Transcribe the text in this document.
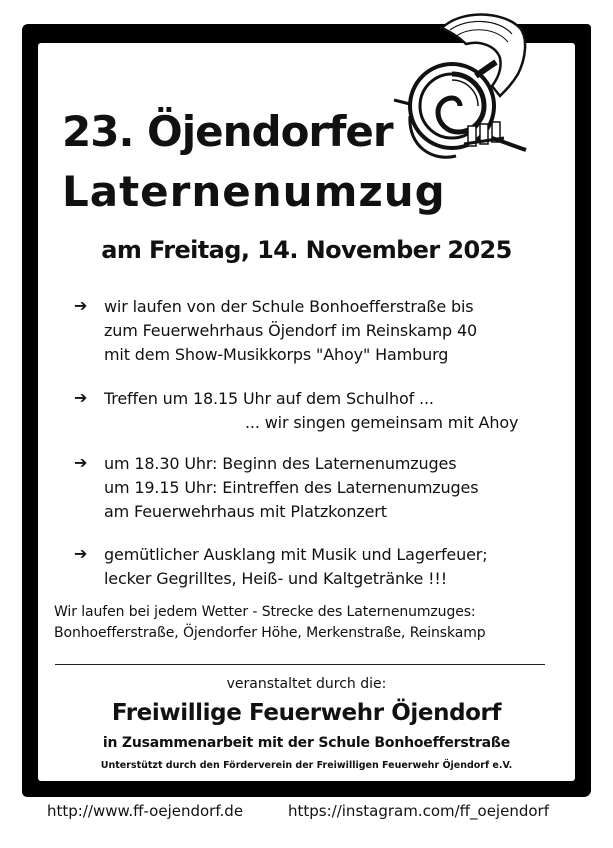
23. Öjendorfer
Laternenumzug
am Freitag, 14. November 2025
➔ wir laufen von der Schule Bonhoefferstraße bis
zum Feuerwehrhaus Öjendorf im Reinskamp 40
mit dem Show-Musikkorps "Ahoy" Hamburg
➔ Treffen um 18.15 Uhr auf dem Schulhof ...
... wir singen gemeinsam mit Ahoy
➔ um 18.30 Uhr: Beginn des Laternenumzuges
um 19.15 Uhr: Eintreffen des Laternenumzuges
am Feuerwehrhaus mit Platzkonzert
➔ gemütlicher Ausklang mit Musik und Lagerfeuer;
lecker Gegrilltes, Heiß- und Kaltgetränke !!!
Wir laufen bei jedem Wetter - Strecke des Laternenumzuges:
Bonhoefferstraße, Öjendorfer Höhe, Merkenstraße, Reinskamp
veranstaltet durch die:
Freiwillige Feuerwehr Öjendorf
in Zusammenarbeit mit der Schule Bonhoefferstraße
Unterstützt durch den Förderverein der Freiwilligen Feuerwehr Öjendorf e.V.
http://www.ff-oejendorf.de	https://instagram.com/ff_oejendorf
